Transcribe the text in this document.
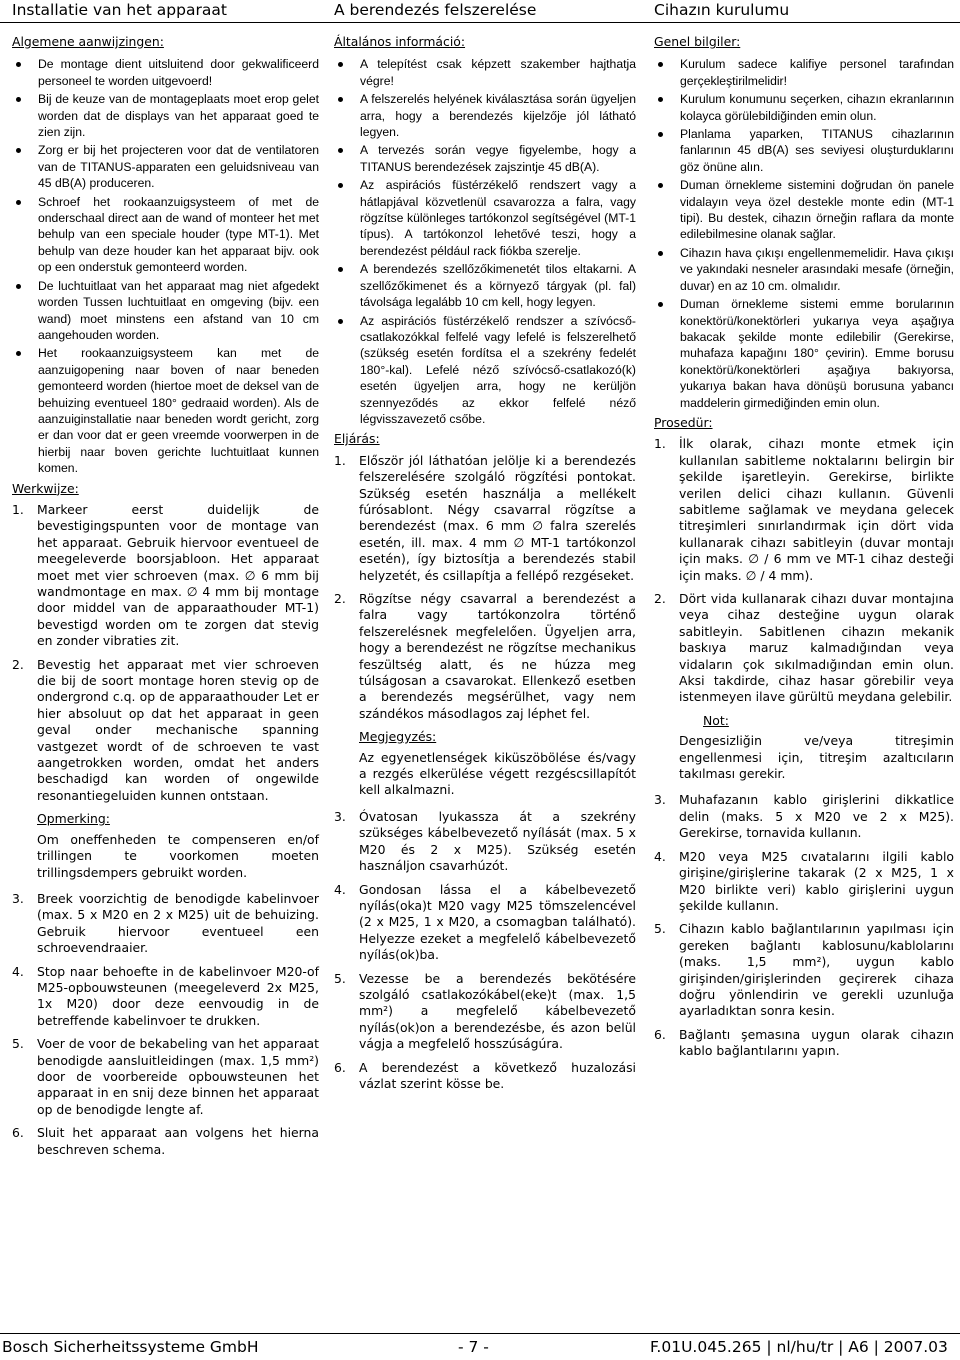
Installatie van het apparaat	A berendezés felszerelése	Cihazın kurulumu
Algemene aanwijzingen:
De montage dient uitsluitend door gekwalificeerd personeel te worden uitgevoerd!
Bij de keuze van de montageplaats moet erop gelet worden dat de displays van het apparaat goed te zien zijn.
Zorg er bij het projecteren voor dat de ventilatoren van de TITANUS-apparaten een geluidsniveau van 45 dB(A) produceren.
Schroef het rookaanzuigsysteem of met de onderschaal direct aan de wand of monteer het met behulp van een speciale houder (type MT-1). Met behulp van deze houder kan het apparaat bijv. ook op een onderstuk gemonteerd worden.
De luchtuitlaat van het apparaat mag niet afgedekt worden Tussen luchtuitlaat en omgeving (bijv. een wand) moet minstens een afstand van 10 cm aangehouden worden.
Het rookaanzuigsysteem kan met de aanzuigopening naar boven of naar beneden gemonteerd worden (hiertoe moet de deksel van de behuizing eventueel 180° gedraaid worden). Als de aanzuiginstallatie naar beneden wordt gericht, zorg er dan voor dat er geen vreemde voorwerpen in de hierbij naar boven gerichte luchtuitlaat kunnen komen.
Werkwijze:
1. Markeer eerst duidelijk de bevestigingspunten voor de montage van het apparaat. Gebruik hiervoor eventueel de meegeleverde boorsjabloon. Het apparaat moet met vier schroeven (max. ∅ 6 mm bij wandmontage en max. ∅ 4 mm bij montage door middel van de apparaathouder MT-1) bevestigd worden om te zorgen dat stevig en zonder vibraties zit.
2. Bevestig het apparaat met vier schroeven die bij de soort montage horen stevig op de ondergrond c.q. op de apparaathouder Let er hier absoluut op dat het apparaat in geen geval onder mechanische spanning vastgezet wordt of de schroeven te vast aangetrokken worden, omdat het anders beschadigd kan worden of ongewilde resonantiegeluiden kunnen ontstaan.
Opmerking:
Om oneffenheden te compenseren en/of trillingen te voorkomen moeten trillingsdempers gebruikt worden.
3. Breek voorzichtig de benodigde kabelinvoer (max. 5 x M20 en 2 x M25) uit de behuizing. Gebruik hiervoor eventueel een schroevendraaier.
4. Stop naar behoefte in de kabelinvoer M20-of M25-opbouwsteunen (meegeleverd 2x M25, 1x M20) door deze eenvoudig in de betreffende kabelinvoer te drukken.
5. Voer de voor de bekabeling van het apparaat benodigde aansluitleidingen (max. 1,5 mm²) door de voorbereide opbouwsteunen het apparaat in en snij deze binnen het apparaat op de benodigde lengte af.
6. Sluit het apparaat aan volgens het hierna beschreven schema.
Általános információ:
A telepítést csak képzett szakember hajthatja végre!
A felszerelés helyének kiválasztása során ügyeljen arra, hogy a berendezés kijelzője jól látható legyen.
A tervezés során vegye figyelembe, hogy a TITANUS berendezések zajszintje 45 dB(A).
Az aspirációs füstérzékelő rendszert vagy a hátlapjával közvetlenül csavarozza a falra, vagy rögzítse különleges tartókonzol segítségével (MT-1 típus). A tartókonzol lehetővé teszi, hogy a berendezést például rack fiókba szerelje.
A berendezés szellőzőkimenetét tilos eltakarni. A szellőzőkimenet és a környező tárgyak (pl. fal) távolsága legalább 10 cm kell, hogy legyen.
Az aspirációs füstérzékelő rendszer a szívócső-csatlakozókkal felfelé vagy lefelé is felszerelhető (szükség esetén fordítsa el a szekrény fedelét 180°-kal). Lefelé néző szívócső-csatlakozó(k) esetén ügyeljen arra, hogy ne kerüljön szennyeződés az ekkor felfelé néző légvisszavezető csőbe.
Eljárás:
1. Először jól láthatóan jelölje ki a berendezés felszerelésére szolgáló rögzítési pontokat. Szükség esetén használja a mellékelt fúrósablont. Négy csavarral rögzítse a berendezést (max. 6 mm ∅ falra szerelés esetén, ill. max. 4 mm ∅ MT-1 tartókonzol esetén), így biztosítja a berendezés stabil helyzetét, és csillapítja a fellépő rezgéseket.
2. Rögzítse négy csavarral a berendezést a falra vagy tartókonzolra történő felszerelésnek megfelelően. Ügyeljen arra, hogy a berendezést ne rögzítse mechanikus feszültség alatt, és ne húzza meg túlságosan a csavarokat. Ellenkező esetben a berendezés megsérülhet, vagy nem szándékos másodlagos zaj léphet fel.
Megjegyzés:
Az egyenetlenségek kiküszöbölése és/vagy a rezgés elkerülése végett rezgéscsillapítót kell alkalmazni.
3. Óvatosan lyukassza át a szekrény szükséges kábelbevezető nyílását (max. 5 x M20 és 2 x M25). Szükség esetén használjon csavarhúzót.
4. Gondosan lássa el a kábelbevezető nyílás(oka)t M20 vagy M25 tömszelencével (2 x M25, 1 x M20, a csomagban található). Helyezze ezeket a megfelelő kábelbevezető nyílás(ok)ba.
5. Vezesse be a berendezés bekötésére szolgáló csatlakozókábel(eke)t (max. 1,5 mm²) a megfelelő kábelbevezető nyílás(ok)on a berendezésbe, és azon belül vágja a megfelelő hosszúságúra.
6. A berendezést a következő huzalozási vázlat szerint kösse be.
Genel bilgiler:
Kurulum sadece kalifiye personel tarafından gerçekleştirilmelidir!
Kurulum konumunu seçerken, cihazın ekranlarının kolayca görülebildiğinden emin olun.
Planlama yaparken, TITANUS cihazlarının fanlarının 45 dB(A) ses seviyesi oluşturduklarını göz önüne alın.
Duman örnekleme sistemini doğrudan ön panele vidalayın veya özel destekle monte edin (MT-1 tipi). Bu destek, cihazın örneğin raflara da monte edilebilmesine olanak sağlar.
Cihazın hava çıkışı engellenmemelidir. Hava çıkışı ve yakındaki nesneler arasındaki mesafe (örneğin, duvar) en az 10 cm. olmalıdır.
Duman örnekleme sistemi emme borularının konektörü/konektörleri yukarıya veya aşağıya bakacak şekilde monte edilebilir (Gerekirse, muhafaza kapağını 180° çevirin). Emme borusu konektörü/konektörleri aşağıya bakıyorsa, yukarıya bakan hava dönüşü borusuna yabancı maddelerin girmediğinden emin olun.
Prosedür:
1. İlk olarak, cihazı monte etmek için kullanılan sabitleme noktalarını belirgin bir şekilde işaretleyin. Gerekirse, birlikte verilen delici cihazı kullanın. Güvenli sabitleme sağlamak ve meydana gelecek titreşimleri sınırlandırmak için dört vida kullanarak cihazı sabitleyin (duvar montajı için maks. ∅ / 6 mm ve MT-1 cihaz desteği için maks. ∅ / 4 mm).
2. Dört vida kullanarak cihazı duvar montajına veya cihaz desteğine uygun olarak sabitleyin. Sabitlenen cihazın mekanik baskıya maruz kalmadığından veya vidaların çok sıkılmadığından emin olun. Aksi takdirde, cihaz hasar görebilir veya istenmeyen ilave gürültü meydana gelebilir.
Not:
Dengesizliğin ve/veya titreşimin engellenmesi için, titreşim azaltıcıların takılması gerekir.
3. Muhafazanın kablo girişlerini dikkatlice delin (maks. 5 x M20 ve 2 x M25). Gerekirse, tornavida kullanın.
4. M20 veya M25 cıvatalarını ilgili kablo girişine/girişlerine takarak (2 x M25, 1 x M20 birlikte veri) kablo girişlerini uygun şekilde kullanın.
5. Cihazın kablo bağlantılarının yapılması için gereken bağlantı kablosunu/kablolarını (maks. 1,5 mm²), uygun kablo girişinden/girişlerinden geçirerek cihaza doğru yönlendirin ve gerekli uzunluğa ayarladıktan sonra kesin.
6. Bağlantı şemasına uygun olarak cihazın kablo bağlantılarını yapın.
Bosch Sicherheitssysteme GmbH	- 7 -	F.01U.045.265 | nl/hu/tr | A6 | 2007.03
